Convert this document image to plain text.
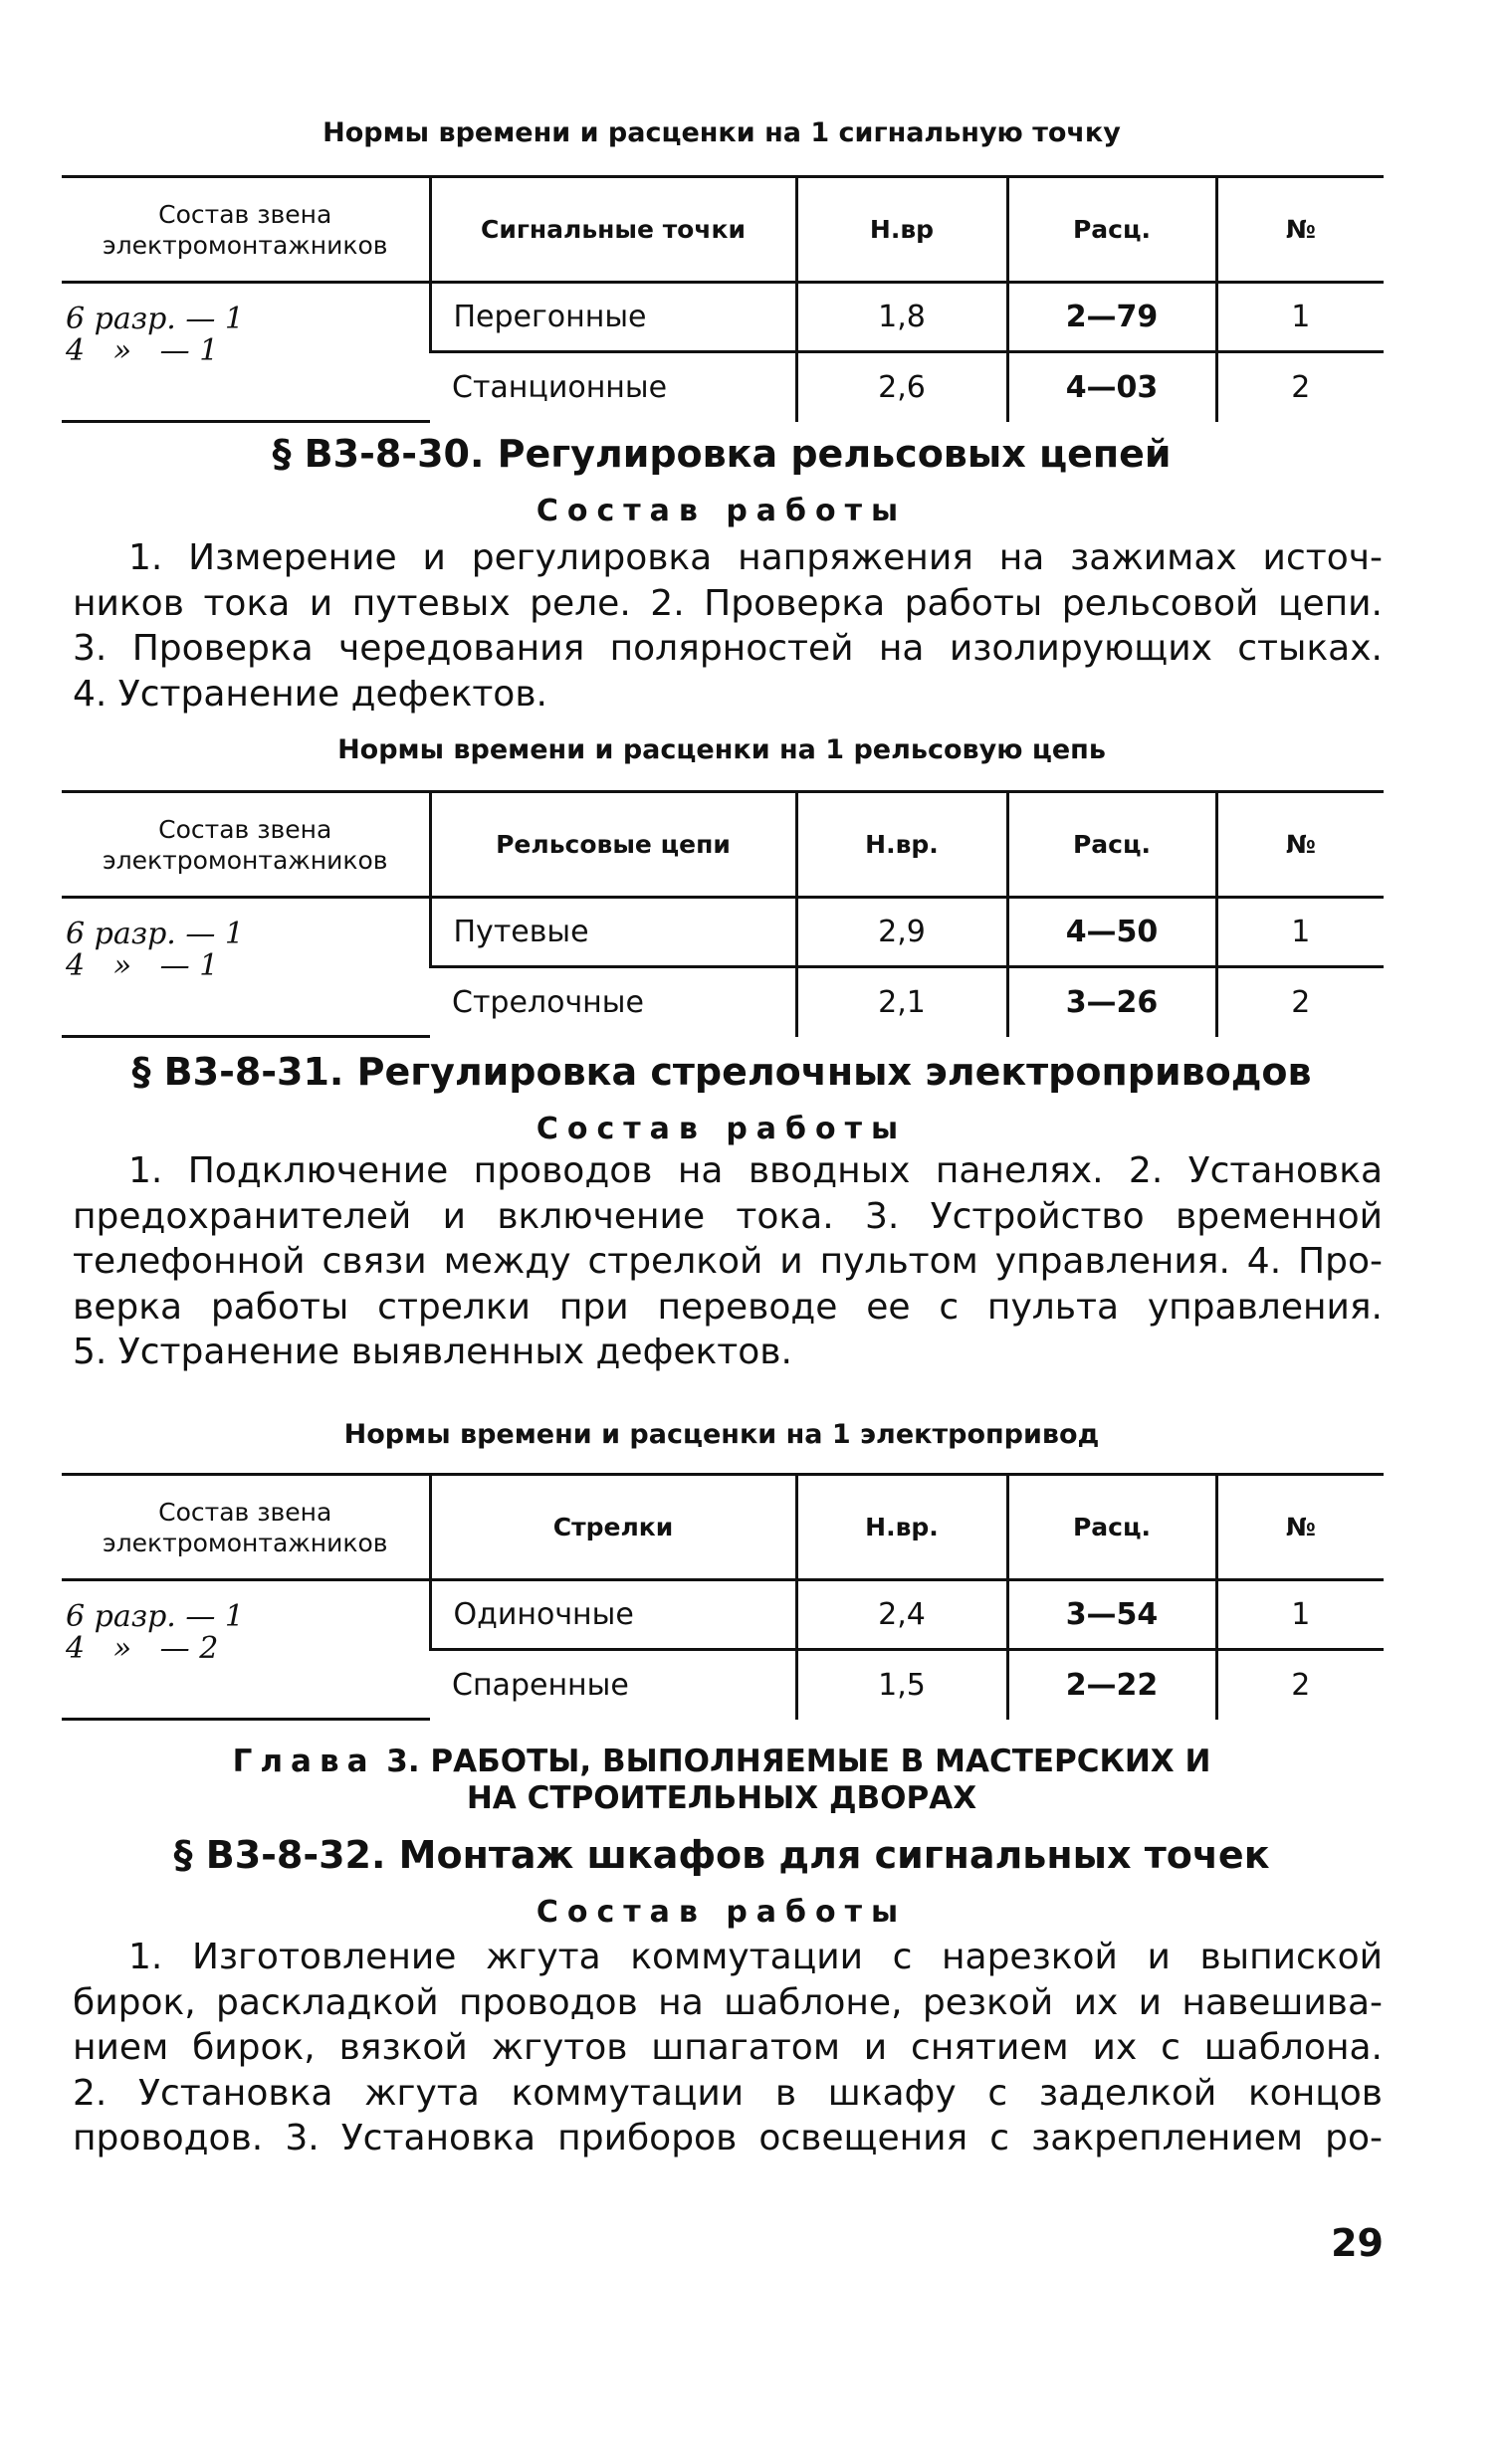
Нормы времени и расценки на 1 сигнальную точку
Состав звена электромонтажников	Сигнальные точки	Н.вр	Расц.	№

6 разр. — 1
4   »   — 1	Перегонные	1,8	2—79	1
	Станционные	2,6	4—03	2
§ В3-8-30. Регулировка рельсовых цепей
Состав работы
1. Измерение и регулировка напряжения на зажимах источ-
ников тока и путевых реле. 2. Проверка работы рельсовой цепи.
3. Проверка чередования полярностей на изолирующих стыках.
4. Устранение дефектов.
Нормы времени и расценки на 1 рельсовую цепь
Состав звена электромонтажников	Рельсовые цепи	Н.вр.	Расц.	№

6 разр. — 1
4   »   — 1	Путевые	2,9	4—50	1
	Стрелочные	2,1	3—26	2
§ В3-8-31. Регулировка стрелочных электроприводов
Состав работы
1. Подключение проводов на вводных панелях. 2. Установка
предохранителей и включение тока. 3. Устройство временной
телефонной связи между стрелкой и пультом управления. 4. Про-
верка работы стрелки при переводе ее с пульта управления.
5. Устранение выявленных дефектов.
Нормы времени и расценки на 1 электропривод
Состав звена электромонтажников	Стрелки	Н.вр.	Расц.	№

6 разр. — 1
4   »   — 2	Одиночные	2,4	3—54	1
	Спаренные	1,5	2—22	2
Глава 3. РАБОТЫ, ВЫПОЛНЯЕМЫЕ В МАСТЕРСКИХ И
НА СТРОИТЕЛЬНЫХ ДВОРАХ
§ В3-8-32. Монтаж шкафов для сигнальных точек
Состав работы
1. Изготовление жгута коммутации с нарезкой и выпиской
бирок, раскладкой проводов на шаблоне, резкой их и навешива-
нием бирок, вязкой жгутов шпагатом и снятием их с шаблона.
2. Установка жгута коммутации в шкафу с заделкой концов
проводов. 3. Установка приборов освещения с закреплением ро-
29
